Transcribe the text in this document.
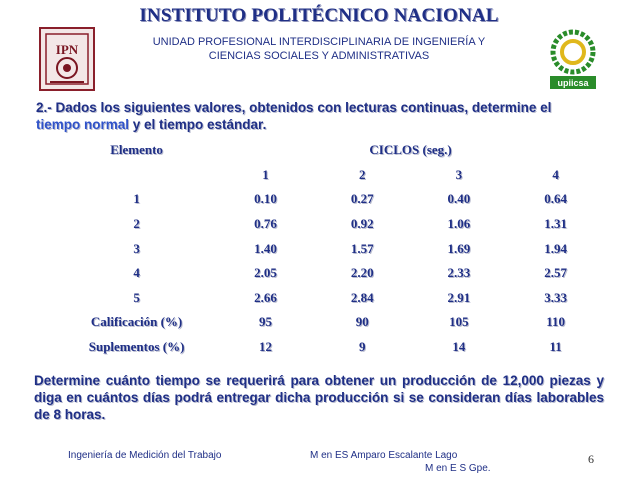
INSTITUTO POLITÉCNICO NACIONAL
UNIDAD PROFESIONAL INTERDISCIPLINARIA DE INGENIERÍA Y
CIENCIAS SOCIALES Y ADMINISTRATIVAS
IPN
upiicsa
2.- Dados los siguientes valores, obtenidos con lecturas continuas, determine el tiempo normal y el tiempo estándar.
Elemento	CICLOS (seg.)			
	1	2	3	4
1	0.10	0.27	0.40	0.64
2	0.76	0.92	1.06	1.31
3	1.40	1.57	1.69	1.94
4	2.05	2.20	2.33	2.57
5	2.66	2.84	2.91	3.33
Calificación (%)	95	90	105	110
Suplementos (%)	12	9	14	11
Determine cuánto tiempo se requerirá para obtener un producción de 12,000 piezas y diga en cuántos días podrá entregar dicha producción si se consideran días laborables de 8 horas.
Ingeniería de Medición del Trabajo	M en ES Amparo Escalante Lago
M en E S Gpe.
6
